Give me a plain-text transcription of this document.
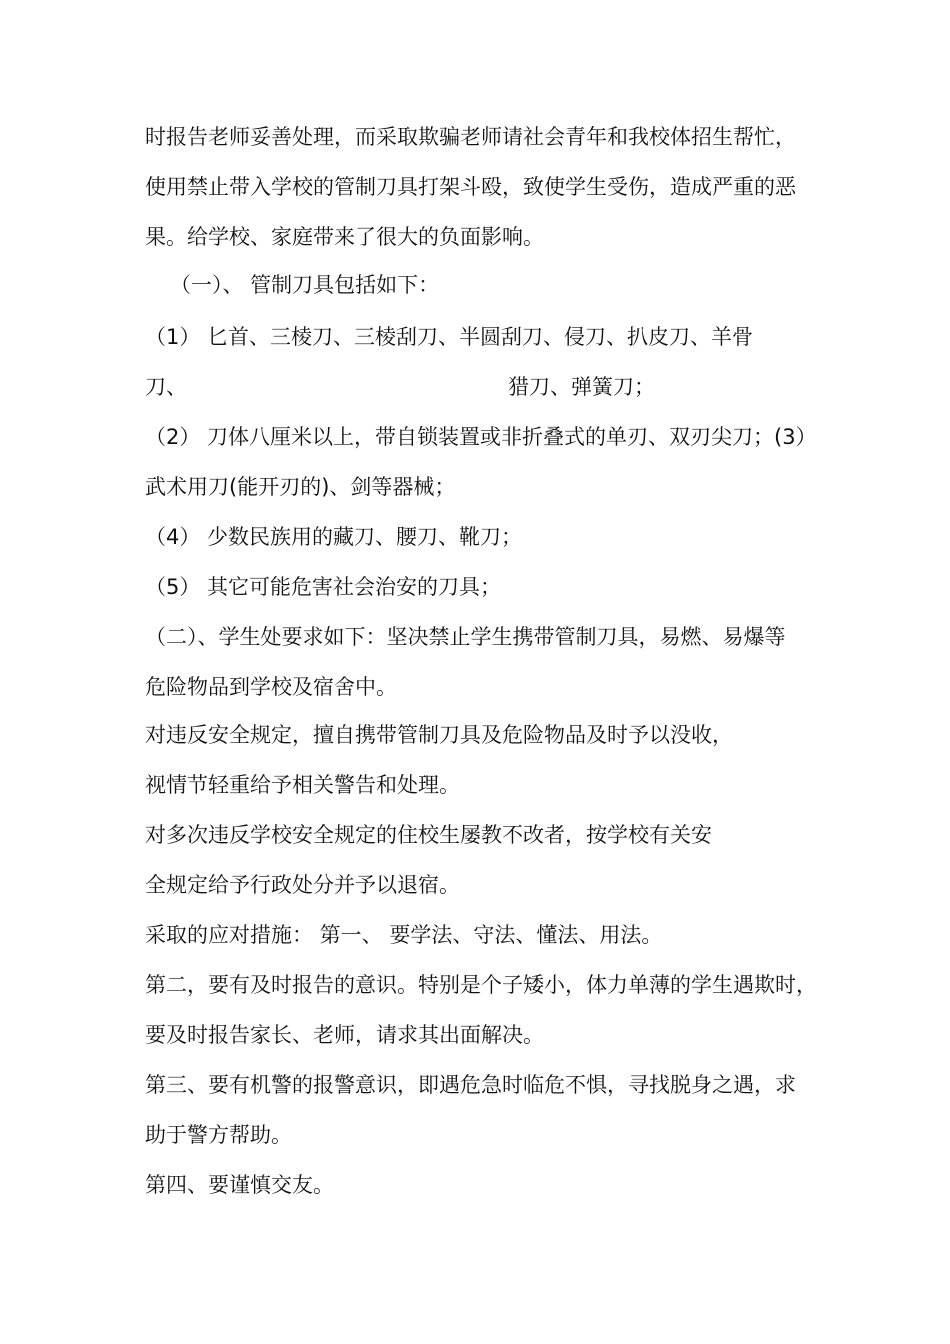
时报告老师妥善处理，而采取欺骗老师请社会青年和我校体招生帮忙，
使用禁止带入学校的管制刀具打架斗殴，致使学生受伤，造成严重的恶
果。给学校、家庭带来了很大的负面影响。
（一）、 管制刀具包括如下：
（1） 匕首、三棱刀、三棱刮刀、半圆刮刀、侵刀、扒皮刀、羊骨
刀、	猎刀、弹簧刀；
（2） 刀体八厘米以上，带自锁装置或非折叠式的单刃、双刃尖刀；(3）
武术用刀(能开刃的)、剑等器械；
（4） 少数民族用的藏刀、腰刀、靴刀；
（5） 其它可能危害社会治安的刀具；
（二）、学生处要求如下：坚决禁止学生携带管制刀具，易燃、易爆等
危险物品到学校及宿舍中。
对违反安全规定，擅自携带管制刀具及危险物品及时予以没收，
视情节轻重给予相关警告和处理。
对多次违反学校安全规定的住校生屡教不改者，按学校有关安
全规定给予行政处分并予以退宿。
采取的应对措施： 第一、 要学法、守法、懂法、用法。
第二，要有及时报告的意识。特别是个子矮小，体力单薄的学生遇欺时，
要及时报告家长、老师，请求其出面解决。
第三、要有机警的报警意识，即遇危急时临危不惧，寻找脱身之遇，求
助于警方帮助。
第四、要谨慎交友。
